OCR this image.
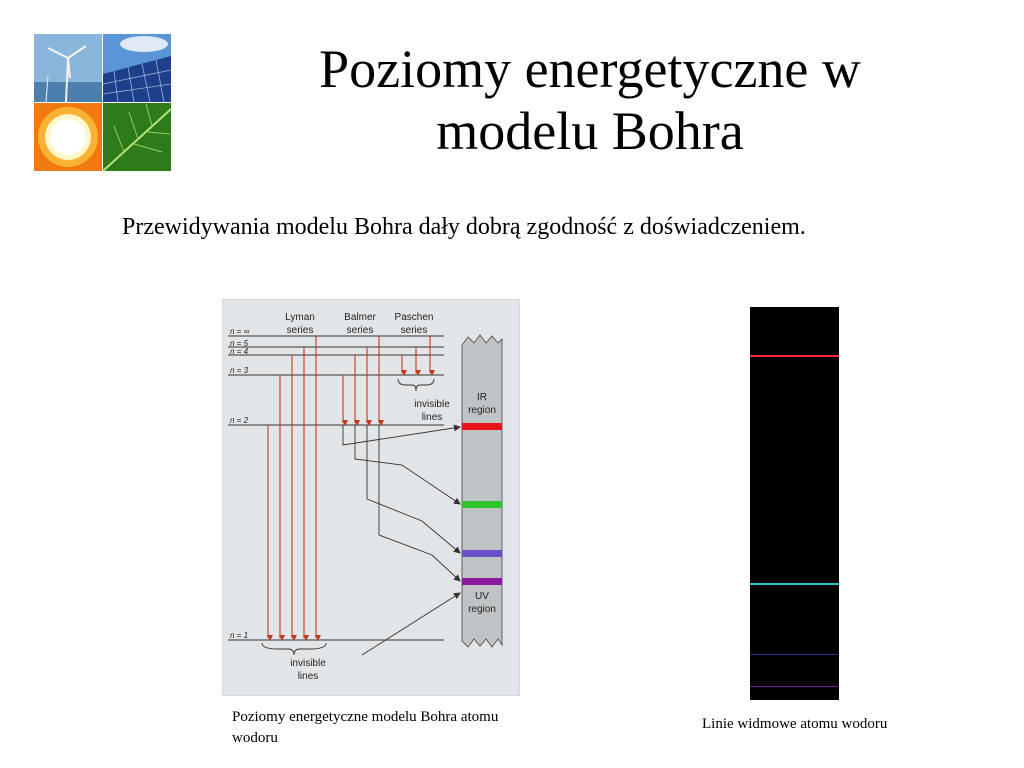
Poziomy energetyczne w modelu Bohra
Przewidywania modelu Bohra dały dobrą zgodność z doświadczeniem.
Lyman series
Balmer series
Paschen series
n = ∞
n = 5
n = 4
n = 3
n = 2
n = 1
invisible lines
IR region
UV region
invisible lines
Poziomy energetyczne modelu Bohra atomu wodoru
Linie widmowe atomu wodoru
